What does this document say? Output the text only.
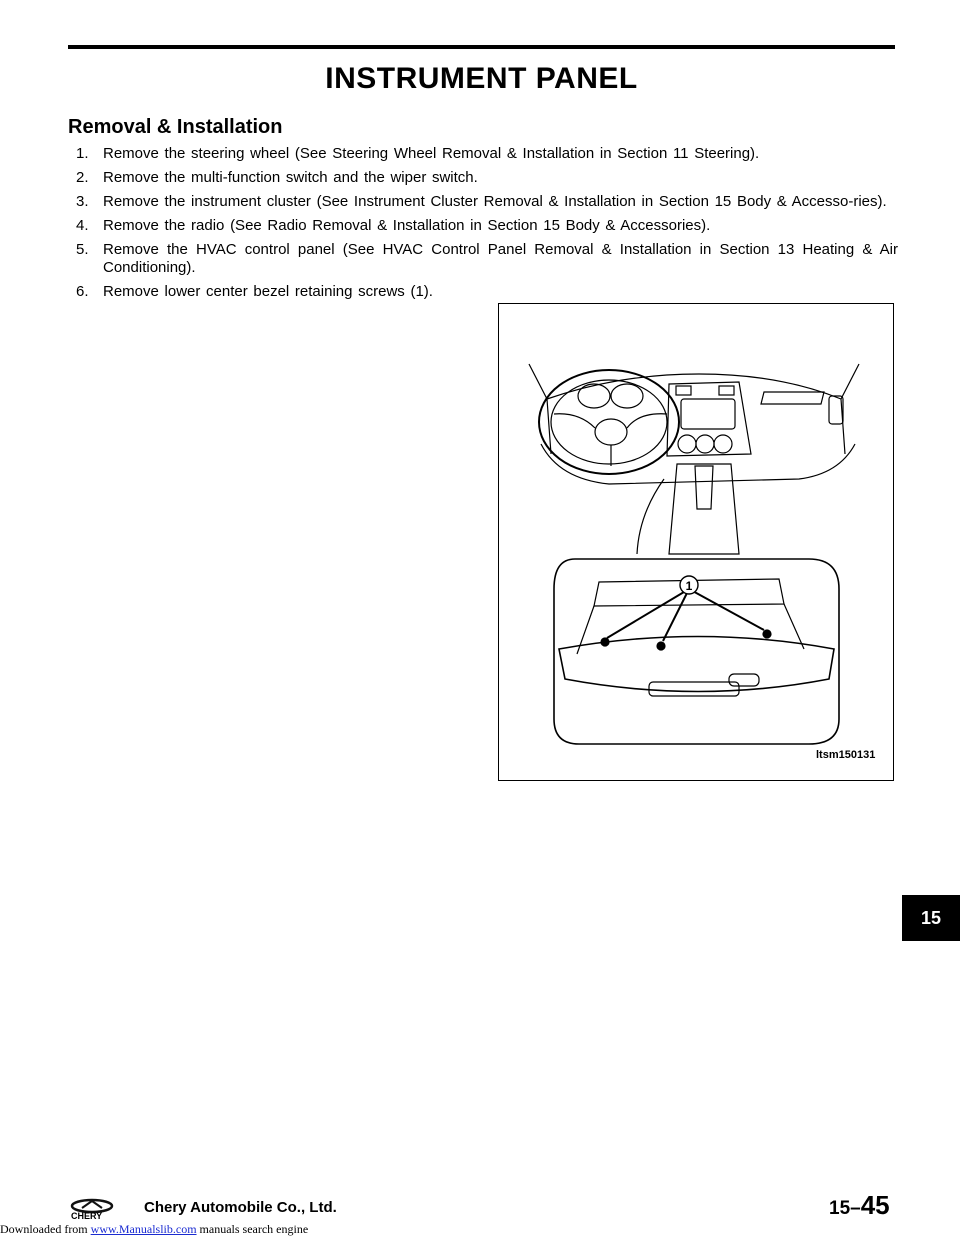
INSTRUMENT PANEL
Removal & Installation
1. Remove the steering wheel (See Steering Wheel Removal & Installation in Section 11 Steering).
2. Remove the multi-function switch and the wiper switch.
3. Remove the instrument cluster (See Instrument Cluster Removal & Installation in Section 15 Body & Accesso-ries).
4. Remove the radio (See Radio Removal & Installation in Section 15 Body & Accessories).
5. Remove the HVAC control panel (See HVAC Control Panel Removal & Installation in Section 13 Heating & Air Conditioning).
6. Remove lower center bezel retaining screws (1).
1
ltsm150131
15
CHERY	Chery Automobile Co., Ltd.	15–45
Downloaded from www.Manualslib.com manuals search engine
